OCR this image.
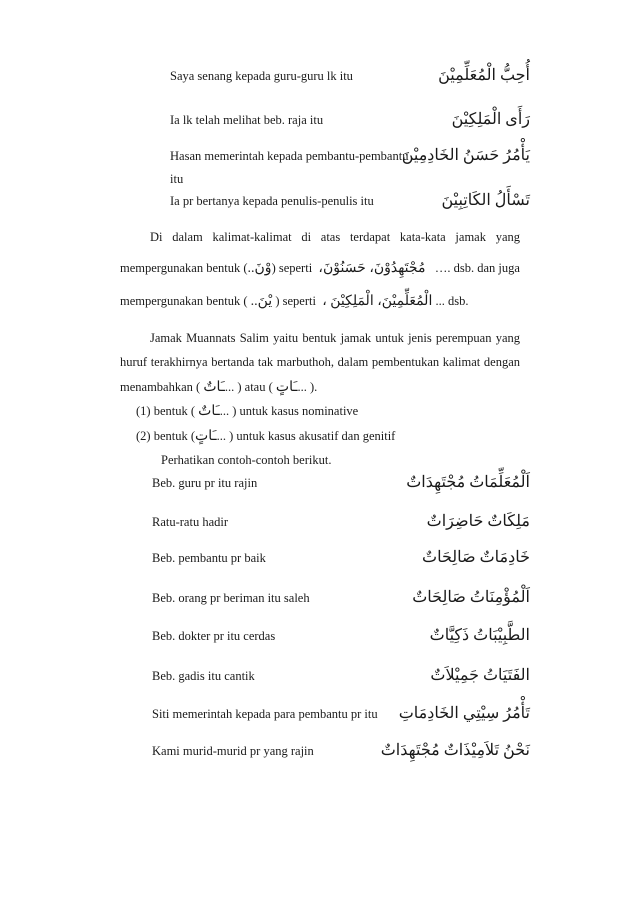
Saya senang kepada guru-guru lk itu	أُحِبُّ الْمُعَلِّمِيْنَ
Ia lk telah melihat beb. raja itu	رَأَى الْمَلِكِيْنَ
Hasan memerintah kepada pembantu-pembantu
itu
يَأْمُرُ حَسَنُ الخَادِمِيْنَ
Ia pr bertanya kepada penulis-penulis itu	تَسْأَلُ الكَاتِبِيْنَ
Di dalam kalimat-kalimat di atas terdapat kata-kata jamak yang
mempergunakan bentuk (وْنَ..) seperti مُجْتَهِدُوْنَ، حَسَنُوْنَ، …. dsb. dan juga
mempergunakan bentuk ( يْنَ.. ) seperti الْمُعَلِّمِيْنَ، الْمَلِكِيْنَ ، ... dsb.
Jamak Muannats Salim yaitu bentuk jamak untuk jenis perempuan yang
huruf terakhirnya bertanda tak marbuthoh, dalam pembentukan kalimat dengan
menambahkan ( ـَاتٌ... ) atau ( ـَاتٍ... ).
(1) bentuk ( ـَاتٌ... ) untuk kasus nominative
(2) bentuk (ـَاتٍ... ) untuk kasus akusatif dan genitif
Perhatikan contoh-contoh berikut.
Beb. guru pr itu rajin	اَلْمُعَلِّمَاتُ مُجْتَهِدَاتٌ
Ratu-ratu hadir	مَلِكَاتٌ حَاضِرَاتٌ
Beb. pembantu pr baik	خَادِمَاتٌ صَالِحَاتٌ
Beb. orang pr beriman itu saleh	اَلْمُؤْمِنَاتُ صَالِحَاتٌ
Beb. dokter pr itu cerdas	الطَّبِيْبَاتُ ذَكِيَّاتٌ
Beb. gadis itu cantik	الفَتَيَاتُ جَمِيْلاَتٌ
Siti memerintah kepada para pembantu pr itu تَأْمُرُ سِيْتِي الخَادِمَاتِ
Kami murid-murid pr yang rajin	نَحْنُ تَلاَمِيْذَاتٌ مُجْتَهِدَاتٌ
